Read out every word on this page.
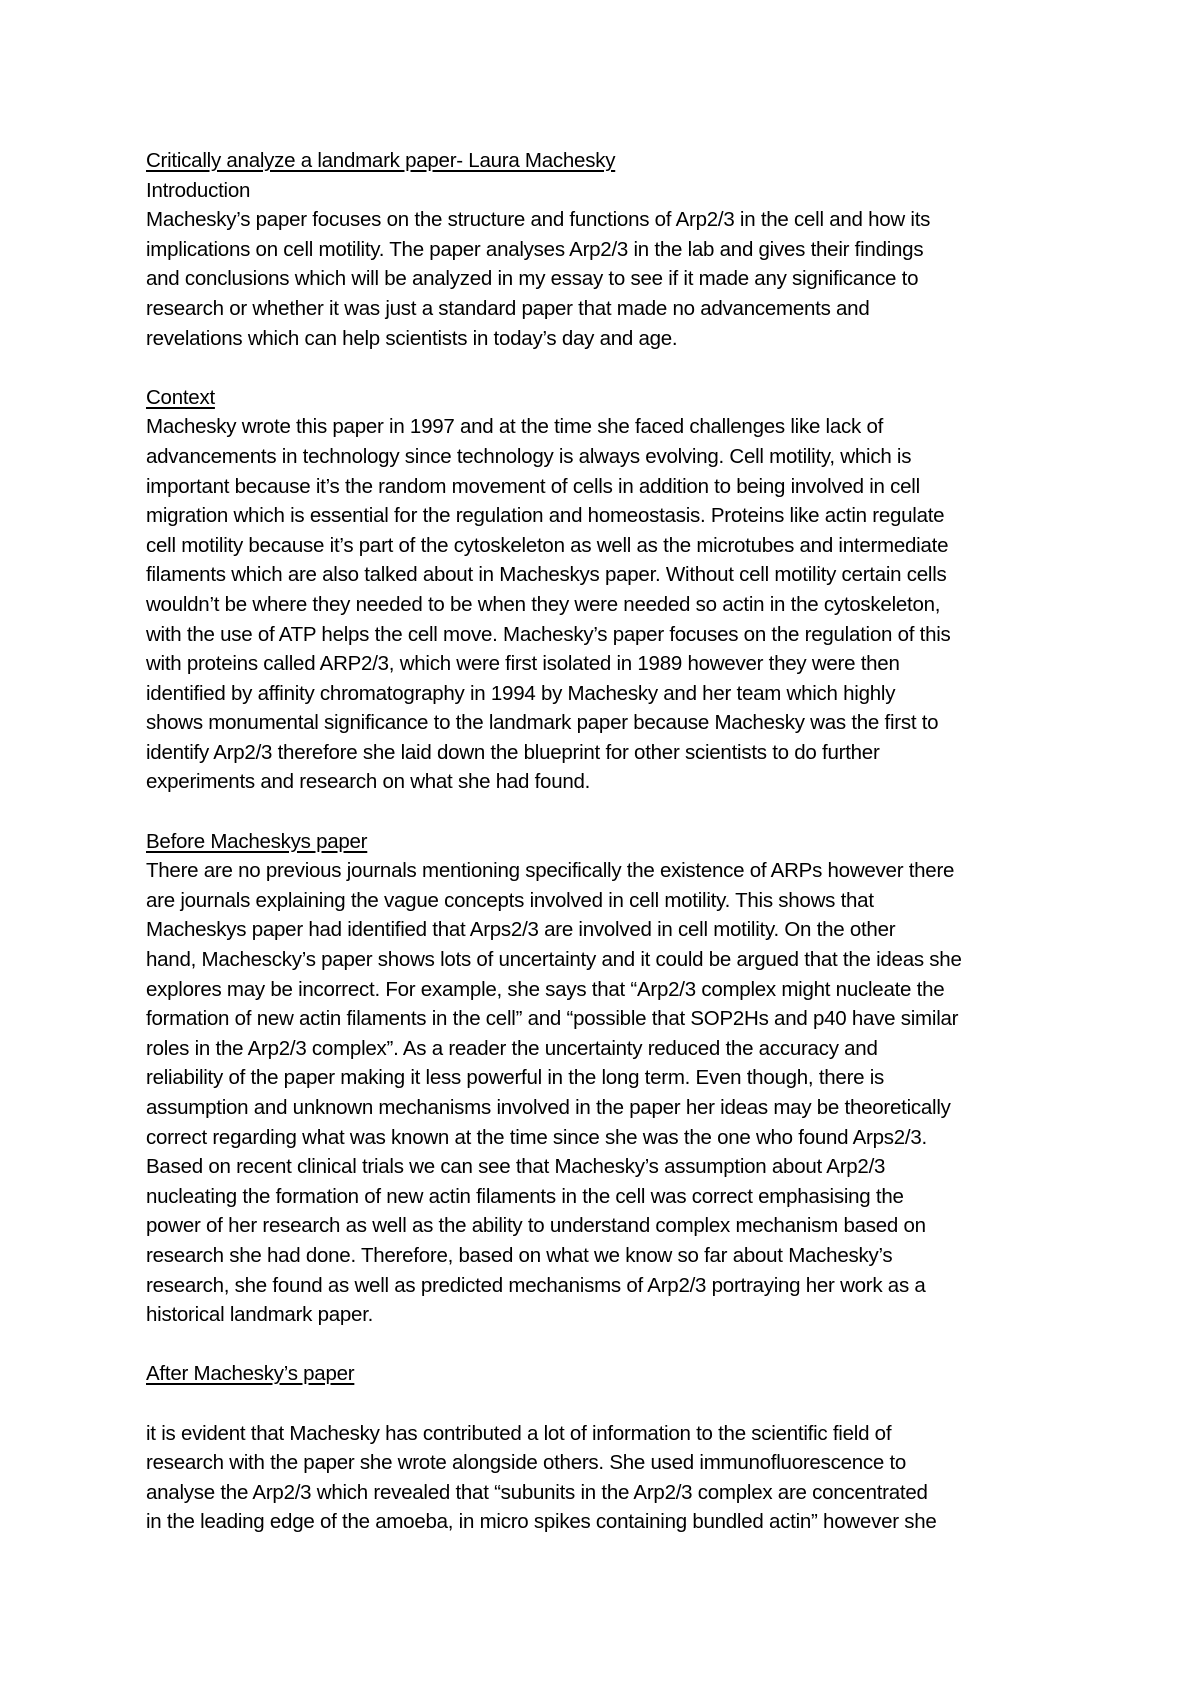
Critically analyze a landmark paper- Laura Machesky
Introduction
Machesky’s paper focuses on the structure and functions of Arp2/3 in the cell and how its
implications on cell motility. The paper analyses Arp2/3 in the lab and gives their findings
and conclusions which will be analyzed in my essay to see if it made any significance to
research or whether it was just a standard paper that made no advancements and
revelations which can help scientists in today’s day and age.
Context
Machesky wrote this paper in 1997 and at the time she faced challenges like lack of
advancements in technology since technology is always evolving. Cell motility, which is
important because it’s the random movement of cells in addition to being involved in cell
migration which is essential for the regulation and homeostasis. Proteins like actin regulate
cell motility because it’s part of the cytoskeleton as well as the microtubes and intermediate
filaments which are also talked about in Macheskys paper. Without cell motility certain cells
wouldn’t be where they needed to be when they were needed so actin in the cytoskeleton,
with the use of ATP helps the cell move. Machesky’s paper focuses on the regulation of this
with proteins called ARP2/3, which were first isolated in 1989 however they were then
identified by affinity chromatography in 1994 by Machesky and her team which highly
shows monumental significance to the landmark paper because Machesky was the first to
identify Arp2/3 therefore she laid down the blueprint for other scientists to do further
experiments and research on what she had found.
Before Macheskys paper
There are no previous journals mentioning specifically the existence of ARPs however there
are journals explaining the vague concepts involved in cell motility. This shows that
Macheskys paper had identified that Arps2/3 are involved in cell motility. On the other
hand, Machescky’s paper shows lots of uncertainty and it could be argued that the ideas she
explores may be incorrect. For example, she says that “Arp2/3 complex might nucleate the
formation of new actin filaments in the cell” and “possible that SOP2Hs and p40 have similar
roles in the Arp2/3 complex”. As a reader the uncertainty reduced the accuracy and
reliability of the paper making it less powerful in the long term. Even though, there is
assumption and unknown mechanisms involved in the paper her ideas may be theoretically
correct regarding what was known at the time since she was the one who found Arps2/3.
Based on recent clinical trials we can see that Machesky’s assumption about Arp2/3
nucleating the formation of new actin filaments in the cell was correct emphasising the
power of her research as well as the ability to understand complex mechanism based on
research she had done. Therefore, based on what we know so far about Machesky’s
research, she found as well as predicted mechanisms of Arp2/3 portraying her work as a
historical landmark paper.
After Machesky’s paper
it is evident that Machesky has contributed a lot of information to the scientific field of
research with the paper she wrote alongside others. She used immunofluorescence to
analyse the Arp2/3 which revealed that “subunits in the Arp2/3 complex are concentrated
in the leading edge of the amoeba, in micro spikes containing bundled actin” however she
